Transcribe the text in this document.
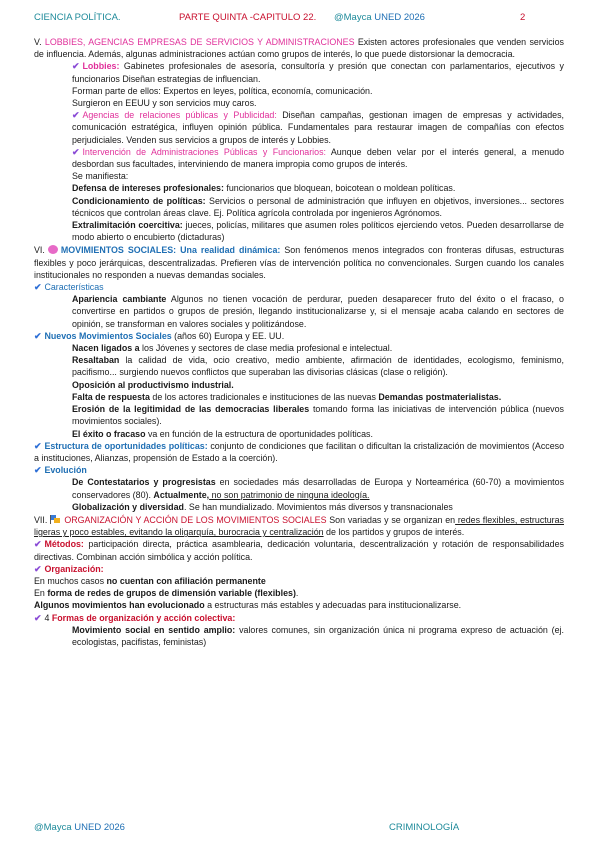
CIENCIA POLÍTICA.	PARTE QUINTA -CAPITULO 22. @Mayca UNED 2026	2

V. LOBBIES, AGENCIAS EMPRESAS DE SERVICIOS Y ADMINISTRACIONES Existen actores profesionales que venden servicios de influencia. Además, algunas administraciones actúan como grupos de interés, lo que puede distorsionar la democracia.

✔ Lobbies: Gabinetes profesionales de asesoría, consultoría y presión que conectan con parlamentarios, ejecutivos y funcionarios Diseñan estrategias de influencian.

Forman parte de ellos: Expertos en leyes, política, economía, comunicación.

Surgieron en EEUU y son servicios muy caros.

✔ Agencias de relaciones públicas y Publicidad: Diseñan campañas, gestionan imagen de empresas y actividades, comunicación estratégica, influyen opinión pública. Fundamentales para restaurar imagen de compañías con efectos perjudiciales. Venden sus servicios a grupos de interés y Lobbies.

✔ Intervención de Administraciones Públicas y Funcionarios: Aunque deben velar por el interés general, a menudo desbordan sus facultades, interviniendo de manera impropia como grupos de interés.

Se manifiesta:

Defensa de intereses profesionales: funcionarios que bloquean, boicotean o moldean políticas.

Condicionamiento de políticas: Servicios o personal de administración que influyen en objetivos, inversiones... sectores técnicos que controlan áreas clave. Ej. Política agrícola controlada por ingenieros Agrónomos.

Extralimitación coercitiva: jueces, policías, militares que asumen roles políticos ejerciendo vetos. Pueden desarrollarse de modo abierto o encubierto (dictaduras)

VI. MOVIMIENTOS SOCIALES: Una realidad dinámica: Son fenómenos menos integrados con fronteras difusas, estructuras flexibles y poco jerárquicas, descentralizadas. Prefieren vías de intervención política no convencionales. Surgen cuando los canales institucionales no responden a nuevas demandas sociales.

✔ Características

Apariencia cambiante Algunos no tienen vocación de perdurar, pueden desaparecer fruto del éxito o el fracaso, o convertirse en partidos o grupos de presión, llegando institucionalizarse y, si el mensaje acaba calando en sectores de opinión, se transforman en valores sociales y politizándose.

✔ Nuevos Movimientos Sociales (años 60) Europa y EE. UU.

Nacen ligados a los Jóvenes y sectores de clase media profesional e intelectual.

Resaltaban la calidad de vida, ocio creativo, medio ambiente, afirmación de identidades, ecologismo, feminismo, pacifismo... surgiendo nuevos conflictos que superaban las divisorias clásicas (clase o religión).

Oposición al productivismo industrial.

Falta de respuesta de los actores tradicionales e instituciones de las nuevas Demandas postmaterialistas.

Erosión de la legitimidad de las democracias liberales tomando forma las iniciativas de intervención pública (nuevos movimientos sociales).

El éxito o fracaso va en función de la estructura de oportunidades políticas.

✔ Estructura de oportunidades políticas: conjunto de condiciones que facilitan o dificultan la cristalización de movimientos (Acceso a instituciones, Alianzas, propensión de Estado a la coerción).

✔ Evolución

De Contestatarios y progresistas en sociedades más desarrolladas de Europa y Norteamérica (60-70) a movimientos conservadores (80). Actualmente, no son patrimonio de ninguna ideología.

Globalización y diversidad. Se han mundializado. Movimientos más diversos y transnacionales

VII. ORGANIZACIÓN Y ACCIÓN DE LOS MOVIMIENTOS SOCIALES Son variadas y se organizan en redes flexibles, estructuras ligeras y poco estables, evitando la oligarquía, burocracia y centralización de los partidos y grupos de interés.

✔ Métodos: participación directa, práctica asamblearia, dedicación voluntaria, descentralización y rotación de responsabilidades directivas. Combinan acción simbólica y acción política.

✔ Organización:

En muchos casos no cuentan con afiliación permanente

En forma de redes de grupos de dimensión variable (flexibles).

Algunos movimientos han evolucionado a estructuras más estables y adecuadas para institucionalizarse.

✔ 4 Formas de organización y acción colectiva:

Movimiento social en sentido amplio: valores comunes, sin organización única ni programa expreso de actuación (ej. ecologistas, pacifistas, feministas)

@Mayca UNED 2026	CRIMINOLOGÍA
